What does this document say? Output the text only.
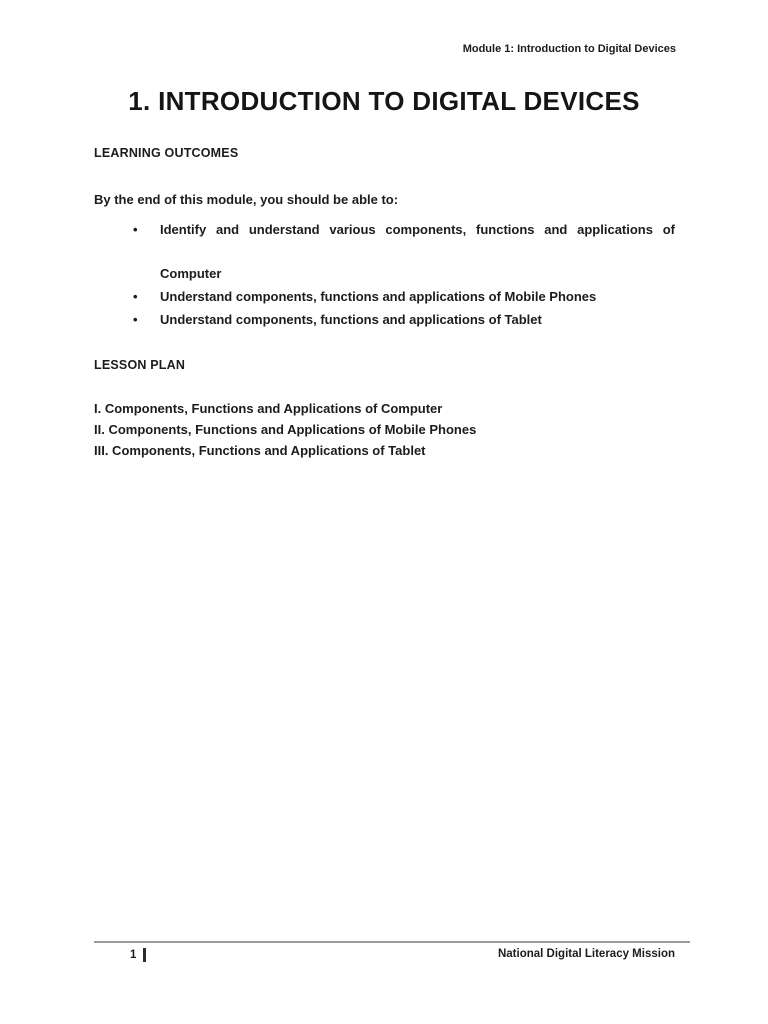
Module 1: Introduction to Digital Devices
1. INTRODUCTION TO DIGITAL DEVICES
LEARNING OUTCOMES
By the end of this module, you should be able to:
•	Identify and understand various components, functions and applications of
Computer
•	Understand components, functions and applications of Mobile Phones
•	Understand components, functions and applications of Tablet
LESSON PLAN
I. Components, Functions and Applications of Computer
II. Components, Functions and Applications of Mobile Phones
III. Components, Functions and Applications of Tablet
1	National Digital Literacy Mission
